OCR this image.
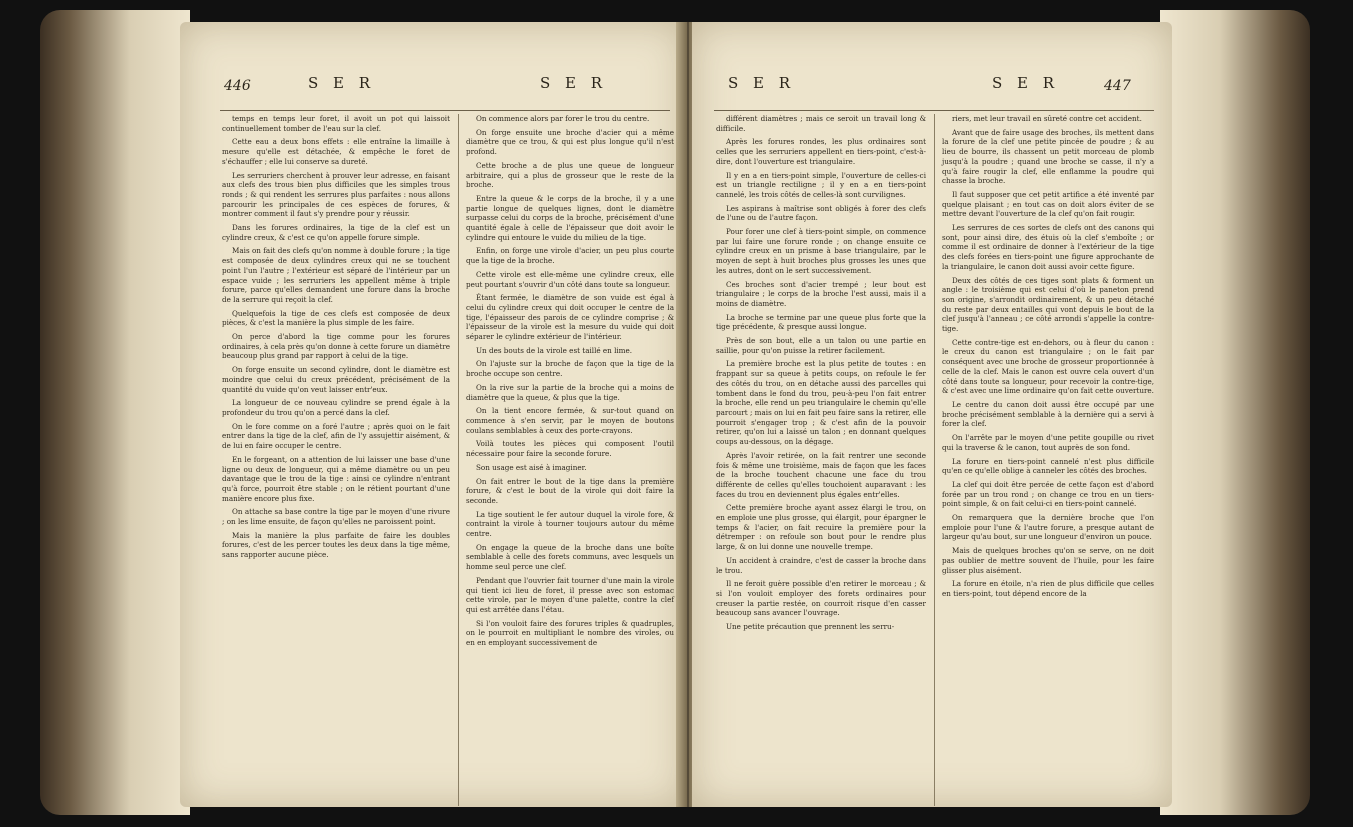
446	S E R	S E R

temps en temps leur foret, il avoit un pot qui laissoit continuellement tomber de l'eau sur la clef.

Cette eau a deux bons effets : elle entraîne la limaille à mesure qu'elle est détachée, & empêche le foret de s'échauffer ; elle lui conserve sa dureté.

Les serruriers cherchent à prouver leur adresse, en faisant aux clefs des trous bien plus difficiles que les simples trous ronds ; & qui rendent les serrures plus parfaites : nous allons parcourir les principales de ces espèces de forures, & montrer comment il faut s'y prendre pour y réussir.

Dans les forures ordinaires, la tige de la clef est un cylindre creux, & c'est ce qu'on appelle forure simple.

Mais on fait des clefs qu'on nomme à double forure ; la tige est composée de deux cylindres creux qui ne se touchent point l'un l'autre ; l'extérieur est séparé de l'intérieur par un espace vuide ; les serruriers les appellent même à triple forure, parce qu'elles demandent une forure dans la broche de la serrure qui reçoit la clef.

Quelquefois la tige de ces clefs est composée de deux pièces, & c'est la manière la plus simple de les faire.

On perce d'abord la tige comme pour les forures ordinaires, à cela près qu'on donne à cette forure un diamètre beaucoup plus grand par rapport à celui de la tige.

On forge ensuite un second cylindre, dont le diamètre est moindre que celui du creux précédent, précisément de la quantité du vuide qu'on veut laisser entr'eux.

La longueur de ce nouveau cylindre se prend égale à la profondeur du trou qu'on a percé dans la clef.

On le fore comme on a foré l'autre ; après quoi on le fait entrer dans la tige de la clef, afin de l'y assujettir aisément, & de lui en faire occuper le centre.

En le forgeant, on a attention de lui laisser une base d'une ligne ou deux de longueur, qui a même diamètre ou un peu davantage que le trou de la tige : ainsi ce cylindre n'entrant qu'à force, pourroit être stable ; on le rétient pourtant d'une manière encore plus fixe.

On attache sa base contre la tige par le moyen d'une rivure ; on les lime ensuite, de façon qu'elles ne paroissent point.

Mais la manière la plus parfaite de faire les doubles forures, c'est de les percer toutes les deux dans la tige même, sans rapporter aucune pièce.

On commence alors par forer le trou du centre.

On forge ensuite une broche d'acier qui a même diamètre que ce trou, & qui est plus longue qu'il n'est profond.

Cette broche a de plus une queue de longueur arbitraire, qui a plus de grosseur que le reste de la broche.

Entre la queue & le corps de la broche, il y a une partie longue de quelques lignes, dont le diamètre surpasse celui du corps de la broche, précisément d'une quantité égale à celle de l'épaisseur que doit avoir le cylindre qui entoure le vuide du milieu de la tige.

Enfin, on forge une virole d'acier, un peu plus courte que la tige de la broche.

Cette virole est elle-même une cylindre creux, elle peut pourtant s'ouvrir d'un côté dans toute sa longueur.

Étant fermée, le diamètre de son vuide est égal à celui du cylindre creux qui doit occuper le centre de la tige, l'épaisseur des parois de ce cylindre comprise ; & l'épaisseur de la virole est la mesure du vuide qui doit séparer le cylindre extérieur de l'intérieur.

Un des bouts de la virole est taillé en lime.

On l'ajuste sur la broche de façon que la tige de la broche occupe son centre.

On la rive sur la partie de la broche qui a moins de diamètre que la queue, & plus que la tige.

On la tient encore fermée, & sur-tout quand on commence à s'en servir, par le moyen de boutons coulans semblables à ceux des porte-crayons.

Voilà toutes les pièces qui composent l'outil nécessaire pour faire la seconde forure.

Son usage est aisé à imaginer.

On fait entrer le bout de la tige dans la première forure, & c'est le bout de la virole qui doit faire la seconde.

La tige soutient le fer autour duquel la virole fore, & contraint la virole à tourner toujours autour du même centre.

On engage la queue de la broche dans une boîte semblable à celle des forets communs, avec lesquels un homme seul perce une clef.

Pendant que l'ouvrier fait tourner d'une main la virole qui tient ici lieu de foret, il presse avec son estomac cette virole, par le moyen d'une palette, contre la clef qui est arrêtée dans l'étau.

Si l'on vouloit faire des forures triples & quadruples, on le pourroit en multipliant le nombre des viroles, ou en en employant successivement de

S E R	S E R	447

différent diamètres ; mais ce seroit un travail long & difficile.

Après les forures rondes, les plus ordinaires sont celles que les serruriers appellent en tiers-point, c'est-à-dire, dont l'ouverture est triangulaire.

Il y en a en tiers-point simple, l'ouverture de celles-ci est un triangle rectiligne ; il y en a en tiers-point cannelé, les trois côtés de celles-là sont curvilignes.

Les aspirans à maîtrise sont obligés à forer des clefs de l'une ou de l'autre façon.

Pour forer une clef à tiers-point simple, on commence par lui faire une forure ronde ; on change ensuite ce cylindre creux en un prisme à base triangulaire, par le moyen de sept à huit broches plus grosses les unes que les autres, dont on le sert successivement.

Ces broches sont d'acier trempé ; leur bout est triangulaire ; le corps de la broche l'est aussi, mais il a moins de diamètre.

La broche se termine par une queue plus forte que la tige précédente, & presque aussi longue.

Près de son bout, elle a un talon ou une partie en saillie, pour qu'on puisse la retirer facilement.

La première broche est la plus petite de toutes : en frappant sur sa queue à petits coups, on refoule le fer des côtés du trou, on en détache aussi des parcelles qui tombent dans le fond du trou, peu-à-peu l'on fait entrer la broche, elle rend un peu triangulaire le chemin qu'elle parcourt ; mais on lui en fait peu faire sans la retirer, elle pourroit s'engager trop ; & c'est afin de la pouvoir retirer, qu'on lui a laissé un talon ; en donnant quelques coups au-dessous, on la dégage.

Après l'avoir retirée, on la fait rentrer une seconde fois & même une troisième, mais de façon que les faces de la broche touchent chacune une face du trou différente de celles qu'elles touchoient auparavant : les faces du trou en deviennent plus égales entr'elles.

Cette première broche ayant assez élargi le trou, on en emploie une plus grosse, qui élargit, pour épargner le temps & l'acier, on fait recuire la première pour la détremper : on refoule son bout pour le rendre plus large, & on lui donne une nouvelle trempe.

Un accident à craindre, c'est de casser la broche dans le trou.

Il ne feroit guère possible d'en retirer le morceau ; & si l'on vouloit employer des forets ordinaires pour creuser la partie restée, on courroit risque d'en casser beaucoup sans avancer l'ouvrage.

Une petite précaution que prennent les serru-

riers, met leur travail en sûreté contre cet accident.

Avant que de faire usage des broches, ils mettent dans la forure de la clef une petite pincée de poudre ; & au lieu de bourre, ils chassent un petit morceau de plomb jusqu'à la poudre ; quand une broche se casse, il n'y a qu'à faire rougir la clef, elle enflamme la poudre qui chasse la broche.

Il faut supposer que cet petit artifice a été inventé par quelque plaisant ; en tout cas on doit alors éviter de se mettre devant l'ouverture de la clef qu'on fait rougir.

Les serrures de ces sortes de clefs ont des canons qui sont, pour ainsi dire, des étuis où la clef s'emboîte ; or comme il est ordinaire de donner à l'extérieur de la tige des clefs forées en tiers-point une figure approchante de la triangulaire, le canon doit aussi avoir cette figure.

Deux des côtés de ces tiges sont plats & forment un angle : le troisième qui est celui d'où le paneton prend son origine, s'arrondit ordinairement, & un peu détaché du reste par deux entailles qui vont depuis le bout de la clef jusqu'à l'anneau ; ce côté arrondi s'appelle la contre-tige.

Cette contre-tige est en-dehors, ou à fleur du canon : le creux du canon est triangulaire ; on le fait par conséquent avec une broche de grosseur proportionnée à celle de la clef. Mais le canon est ouvre cela ouvert d'un côté dans toute sa longueur, pour recevoir la contre-tige, & c'est avec une lime ordinaire qu'on fait cette ouverture.

Le centre du canon doit aussi être occupé par une broche précisément semblable à la dernière qui a servi à forer la clef.

On l'arrête par le moyen d'une petite goupille ou rivet qui la traverse & le canon, tout auprès de son fond.

La forure en tiers-point cannelé n'est plus difficile qu'en ce qu'elle oblige à canneler les côtés des broches.

La clef qui doit être percée de cette façon est d'abord forée par un trou rond ; on change ce trou en un tiers-point simple, & on fait celui-ci en tiers-point cannelé.

On remarquera que la dernière broche que l'on emploie pour l'une & l'autre forure, a presque autant de largeur qu'au bout, sur une longueur d'environ un pouce.

Mais de quelques broches qu'on se serve, on ne doit pas oublier de mettre souvent de l'huile, pour les faire glisser plus aisément.

La forure en étoile, n'a rien de plus difficile que celles en tiers-point, tout dépend encore de la
